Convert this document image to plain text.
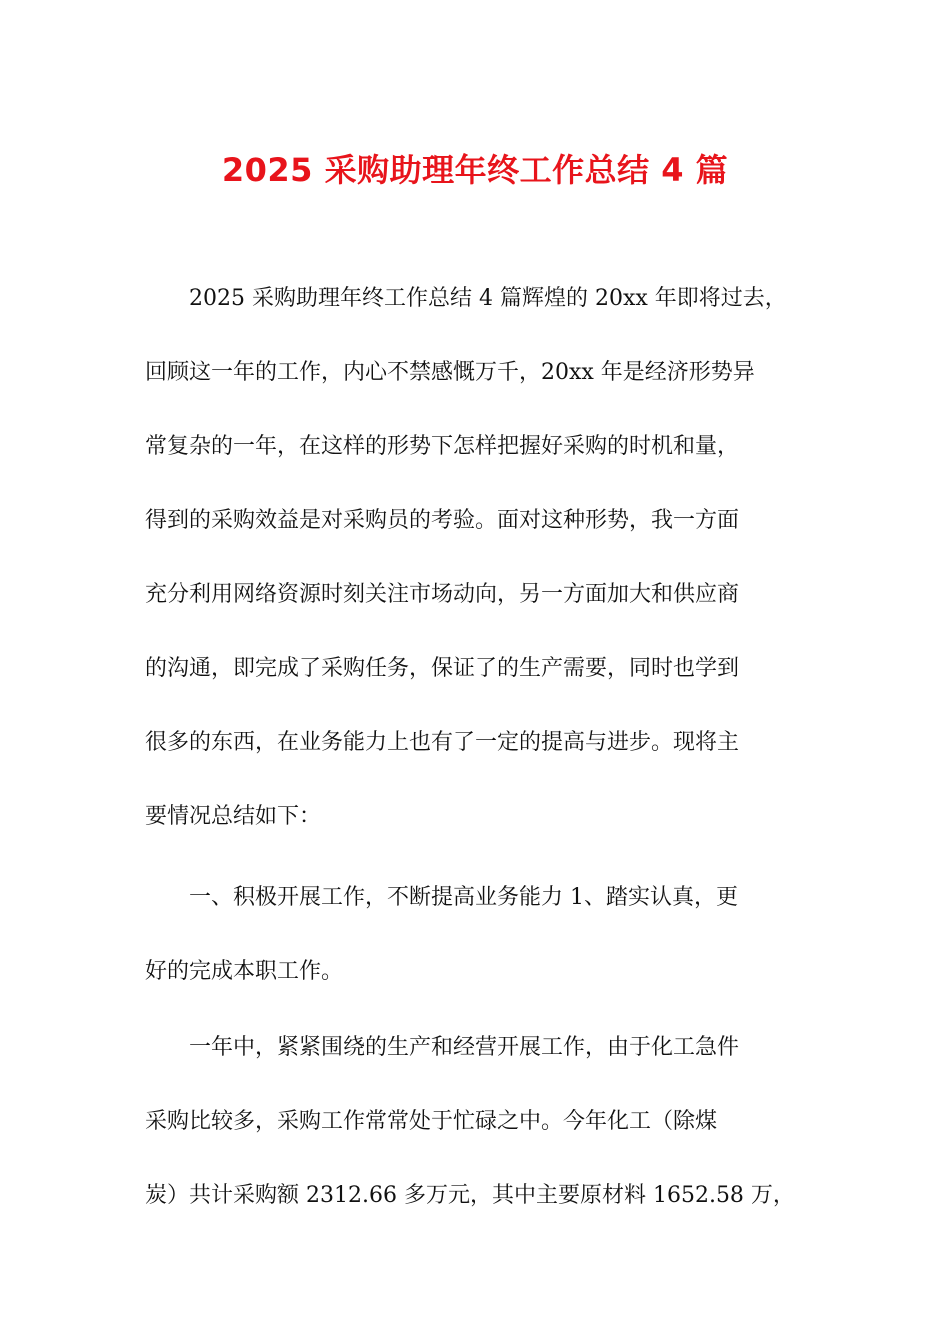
2025 采购助理年终工作总结 4 篇
2025 采购助理年终工作总结 4 篇辉煌的 20xx 年即将过去，
回顾这一年的工作，内心不禁感慨万千，20xx 年是经济形势异
常复杂的一年，在这样的形势下怎样把握好采购的时机和量，
得到的采购效益是对采购员的考验。面对这种形势，我一方面
充分利用网络资源时刻关注市场动向，另一方面加大和供应商
的沟通，即完成了采购任务，保证了的生产需要，同时也学到
很多的东西，在业务能力上也有了一定的提高与进步。现将主
要情况总结如下：
一、积极开展工作，不断提高业务能力 1、踏实认真，更
好的完成本职工作。
一年中，紧紧围绕的生产和经营开展工作，由于化工急件
采购比较多，采购工作常常处于忙碌之中。今年化工（除煤
炭）共计采购额 2312.66 多万元，其中主要原材料 1652.58 万，
